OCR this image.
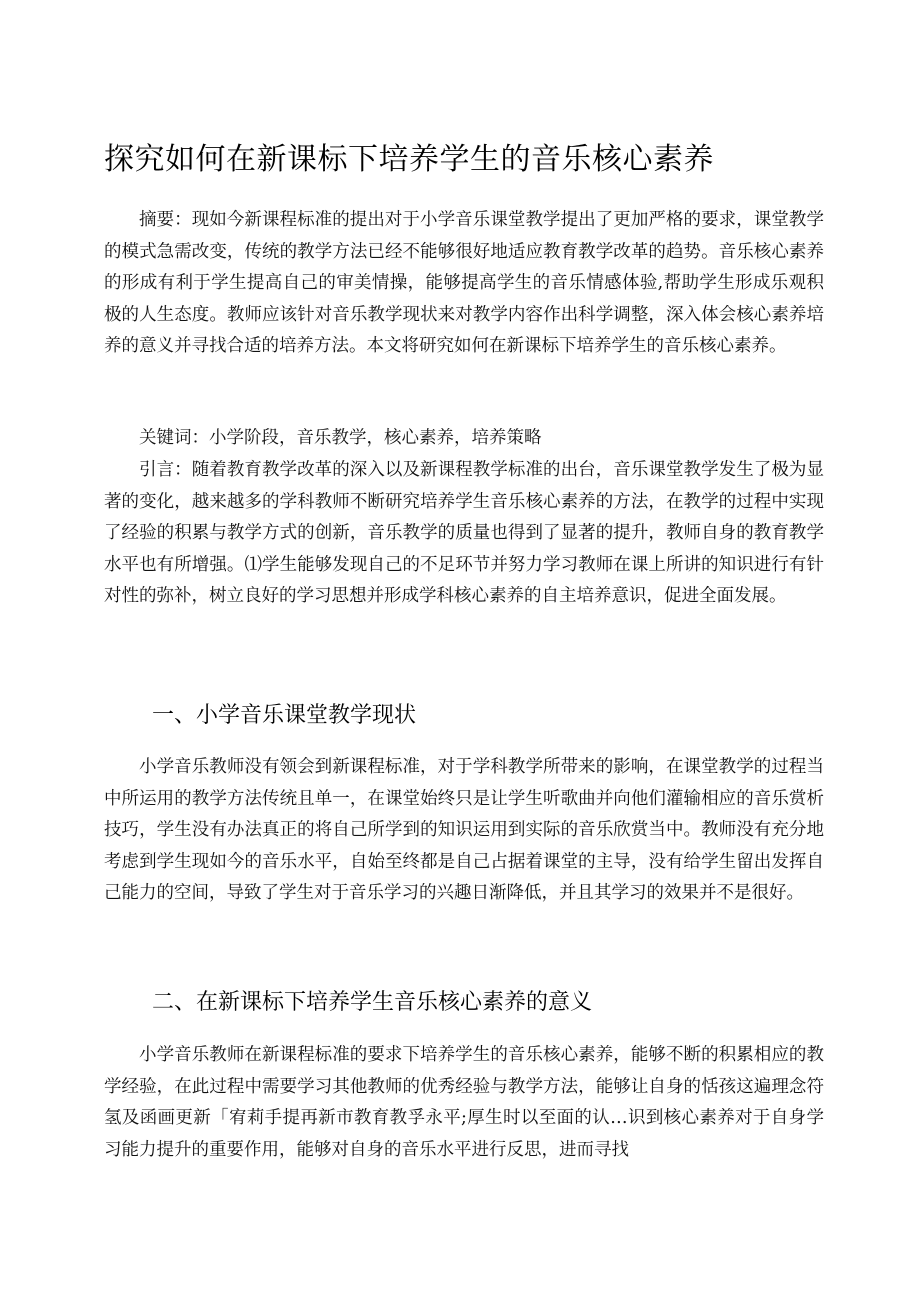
探究如何在新课标下培养学生的音乐核心素养

摘要：现如今新课程标准的提出对于小学音乐课堂教学提出了更加严格的要求，课堂教学的模式急需改变，传统的教学方法已经不能够很好地适应教育教学改革的趋势。音乐核心素养的形成有利于学生提高自己的审美情操，能够提高学生的音乐情感体验,帮助学生形成乐观积极的人生态度。教师应该针对音乐教学现状来对教学内容作出科学调整，深入体会核心素养培养的意义并寻找合适的培养方法。本文将研究如何在新课标下培养学生的音乐核心素养。

关键词：小学阶段，音乐教学，核心素养，培养策略

引言：随着教育教学改革的深入以及新课程教学标准的出台，音乐课堂教学发生了极为显著的变化，越来越多的学科教师不断研究培养学生音乐核心素养的方法，在教学的过程中实现了经验的积累与教学方式的创新，音乐教学的质量也得到了显著的提升，教师自身的教育教学水平也有所增强。⑴学生能够发现自己的不足环节并努力学习教师在课上所讲的知识进行有针对性的弥补，树立良好的学习思想并形成学科核心素养的自主培养意识，促进全面发展。

一、小学音乐课堂教学现状

小学音乐教师没有领会到新课程标准，对于学科教学所带来的影响，在课堂教学的过程当中所运用的教学方法传统且单一，在课堂始终只是让学生听歌曲并向他们灌输相应的音乐赏析技巧，学生没有办法真正的将自己所学到的知识运用到实际的音乐欣赏当中。教师没有充分地考虑到学生现如今的音乐水平，自始至终都是自己占据着课堂的主导，没有给学生留出发挥自己能力的空间，导致了学生对于音乐学习的兴趣日渐降低，并且其学习的效果并不是很好。

二、在新课标下培养学生音乐核心素养的意义

小学音乐教师在新课程标准的要求下培养学生的音乐核心素养，能够不断的积累相应的教学经验，在此过程中需要学习其他教师的优秀经验与教学方法，能够让自身的恬孩这遍理念符氢及函画更新「宥莉手提再新市教育教孚永平;厚生时以至面的认…识到核心素养对于自身学习能力提升的重要作用，能够对自身的音乐水平进行反思，进而寻找
